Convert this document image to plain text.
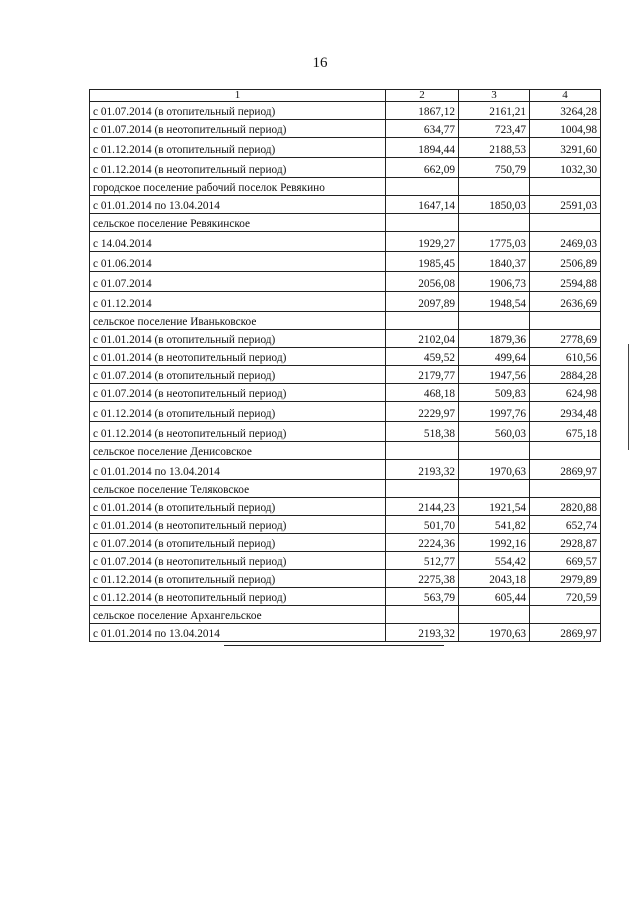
16
1	2	3	4
с 01.07.2014 (в отопительный период)	1867,12	2161,21	3264,28
с 01.07.2014 (в неотопительный период)	634,77	723,47	1004,98
с 01.12.2014 (в отопительный период)	1894,44	2188,53	3291,60
с 01.12.2014 (в неотопительный период)	662,09	750,79	1032,30
городское поселение рабочий поселок Ревякино			
с 01.01.2014 по 13.04.2014	1647,14	1850,03	2591,03
сельское поселение Ревякинское			
с 14.04.2014	1929,27	1775,03	2469,03
с 01.06.2014	1985,45	1840,37	2506,89
с 01.07.2014	2056,08	1906,73	2594,88
с 01.12.2014	2097,89	1948,54	2636,69
сельское поселение Иваньковское			
с 01.01.2014 (в отопительный период)	2102,04	1879,36	2778,69
с 01.01.2014 (в неотопительный период)	459,52	499,64	610,56
с 01.07.2014 (в отопительный период)	2179,77	1947,56	2884,28
с 01.07.2014 (в неотопительный период)	468,18	509,83	624,98
с 01.12.2014 (в отопительный период)	2229,97	1997,76	2934,48
с 01.12.2014 (в неотопительный период)	518,38	560,03	675,18
сельское поселение Денисовское			
с 01.01.2014 по 13.04.2014	2193,32	1970,63	2869,97
сельское поселение Теляковское			
с 01.01.2014 (в отопительный период)	2144,23	1921,54	2820,88
с 01.01.2014 (в неотопительный период)	501,70	541,82	652,74
с 01.07.2014 (в отопительный период)	2224,36	1992,16	2928,87
с 01.07.2014 (в неотопительный период)	512,77	554,42	669,57
с 01.12.2014 (в отопительный период)	2275,38	2043,18	2979,89
с 01.12.2014 (в неотопительный период)	563,79	605,44	720,59
сельское поселение Архангельское			
с 01.01.2014 по 13.04.2014	2193,32	1970,63	2869,97
